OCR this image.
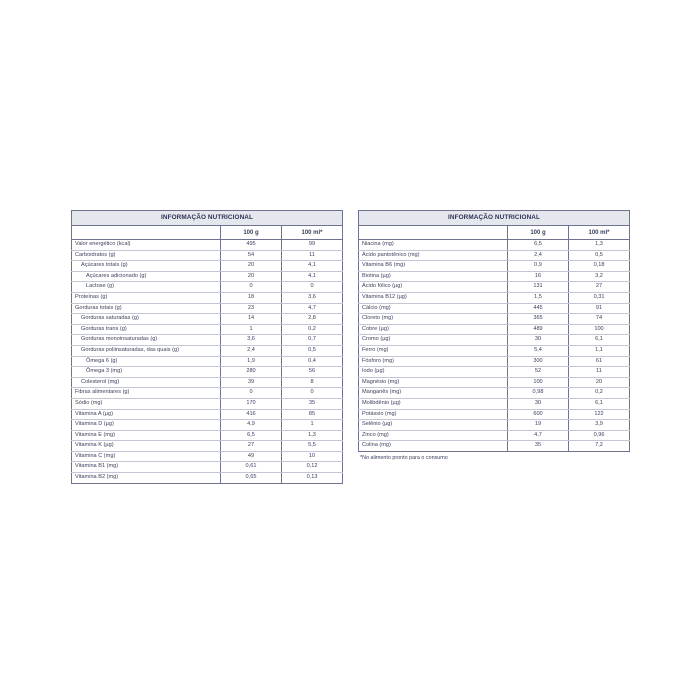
INFORMAÇÃO NUTRICIONAL		
	100 g	100 ml*
Valor energético (kcal)	495	99
Carboidratos (g)	54	11
Açúcares totais (g)	20	4,1
Açúcares adicionado (g)	20	4,1
Lactose (g)	0	0
Proteínas (g)	18	3,6
Gorduras totais (g)	23	4,7
Gorduras saturadas (g)	14	2,8
Gorduras trans (g)	1	0,2
Gorduras monoinsaturadas (g)	3,6	0,7
Gorduras poliinsaturadas, das quais (g)	2,4	0,5
Ômega 6 (g)	1,9	0,4
Ômega 3 (mg)	280	56
Colesterol (mg)	39	8
Fibras alimentares (g)	0	0
Sódio (mg)	170	35
Vitamina A (µg)	416	85
Vitamina D (µg)	4,9	1
Vitamina E (mg)	6,5	1,3
Vitamina K (µg)	27	5,5
Vitamina C (mg)	49	10
Vitamina B1 (mg)	0,61	0,12
Vitamina B2 (mg)	0,65	0,13
INFORMAÇÃO NUTRICIONAL		
	100 g	100 ml*
Niacina (mg)	6,5	1,3
Ácido pantotênico (mg)	2,4	0,5
Vitamina B6 (mg)	0,9	0,18
Biotina (µg)	16	3,2
Ácido fólico (µg)	131	27
Vitamina B12 (µg)	1,5	0,31
Cálcio (mg)	445	91
Cloreto (mg)	365	74
Cobre (µg)	489	100
Cromo (µg)	30	6,1
Ferro (mg)	5,4	1,1
Fósforo (mg)	300	61
Iodo (µg)	52	11
Magnésio (mg)	100	20
Manganês (mg)	0,98	0,2
Molibdênio (µg)	30	6,1
Potássio (mg)	600	122
Selênio (µg)	19	3,9
Zinco (mg)	4,7	0,96
Colina (mg)	35	7,2
*No alimento pronto para o consumo
